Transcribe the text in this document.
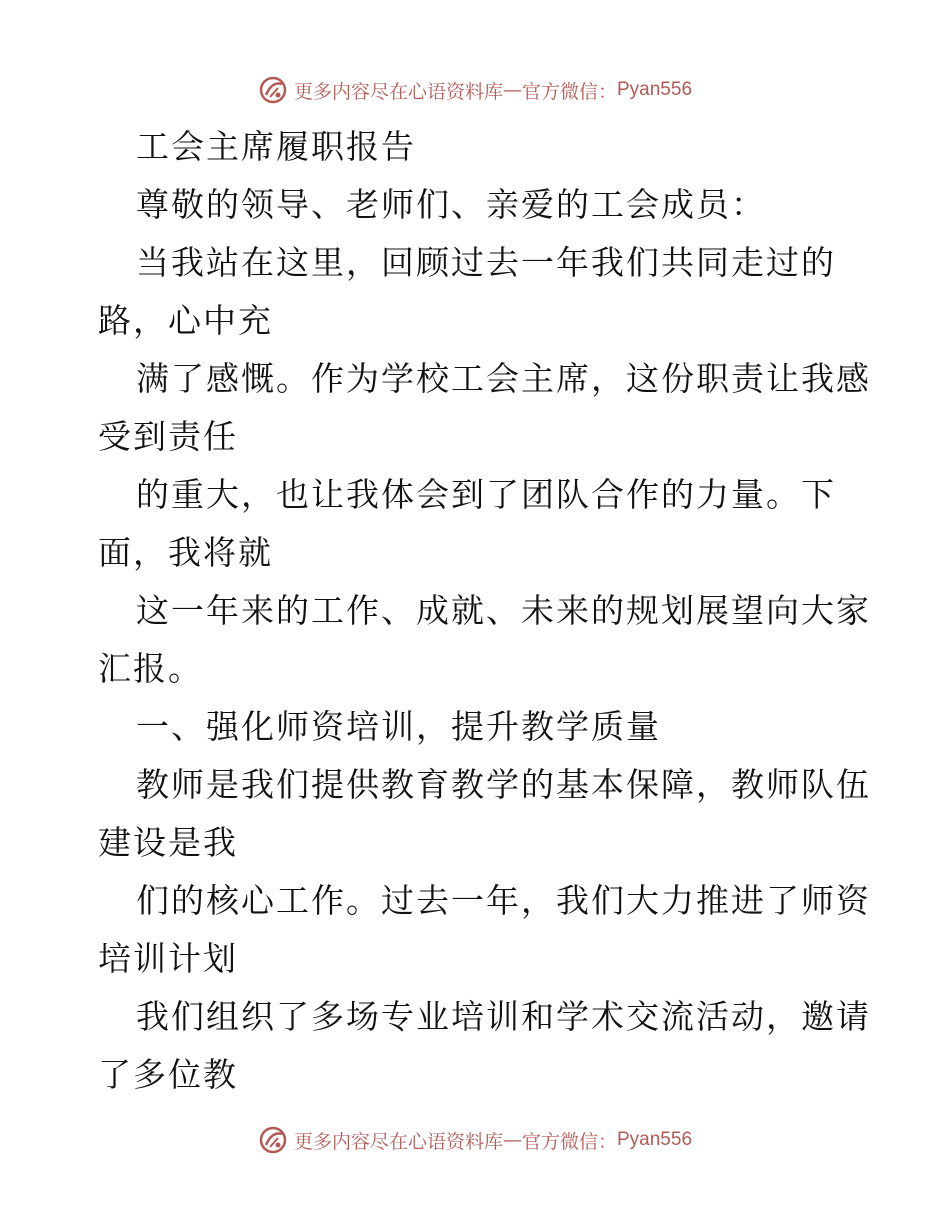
更多内容尽在心语资料库 — 官方微信： Pyan556
工会主席履职报告
尊敬的领导、老师们、亲爱的工会成员：
当我站在这里，回顾过去一年我们共同走过的
路，心中充
满了感慨。作为学校工会主席，这份职责让我感
受到责任
的重大，也让我体会到了团队合作的力量。下
面，我将就
这一年来的工作、成就、未来的规划展望向大家
汇报。
一、强化师资培训，提升教学质量
教师是我们提供教育教学的基本保障，教师队伍
建设是我
们的核心工作。过去一年，我们大力推进了师资
培训计划
我们组织了多场专业培训和学术交流活动，邀请
了多位教
更多内容尽在心语资料库 — 官方微信： Pyan556
